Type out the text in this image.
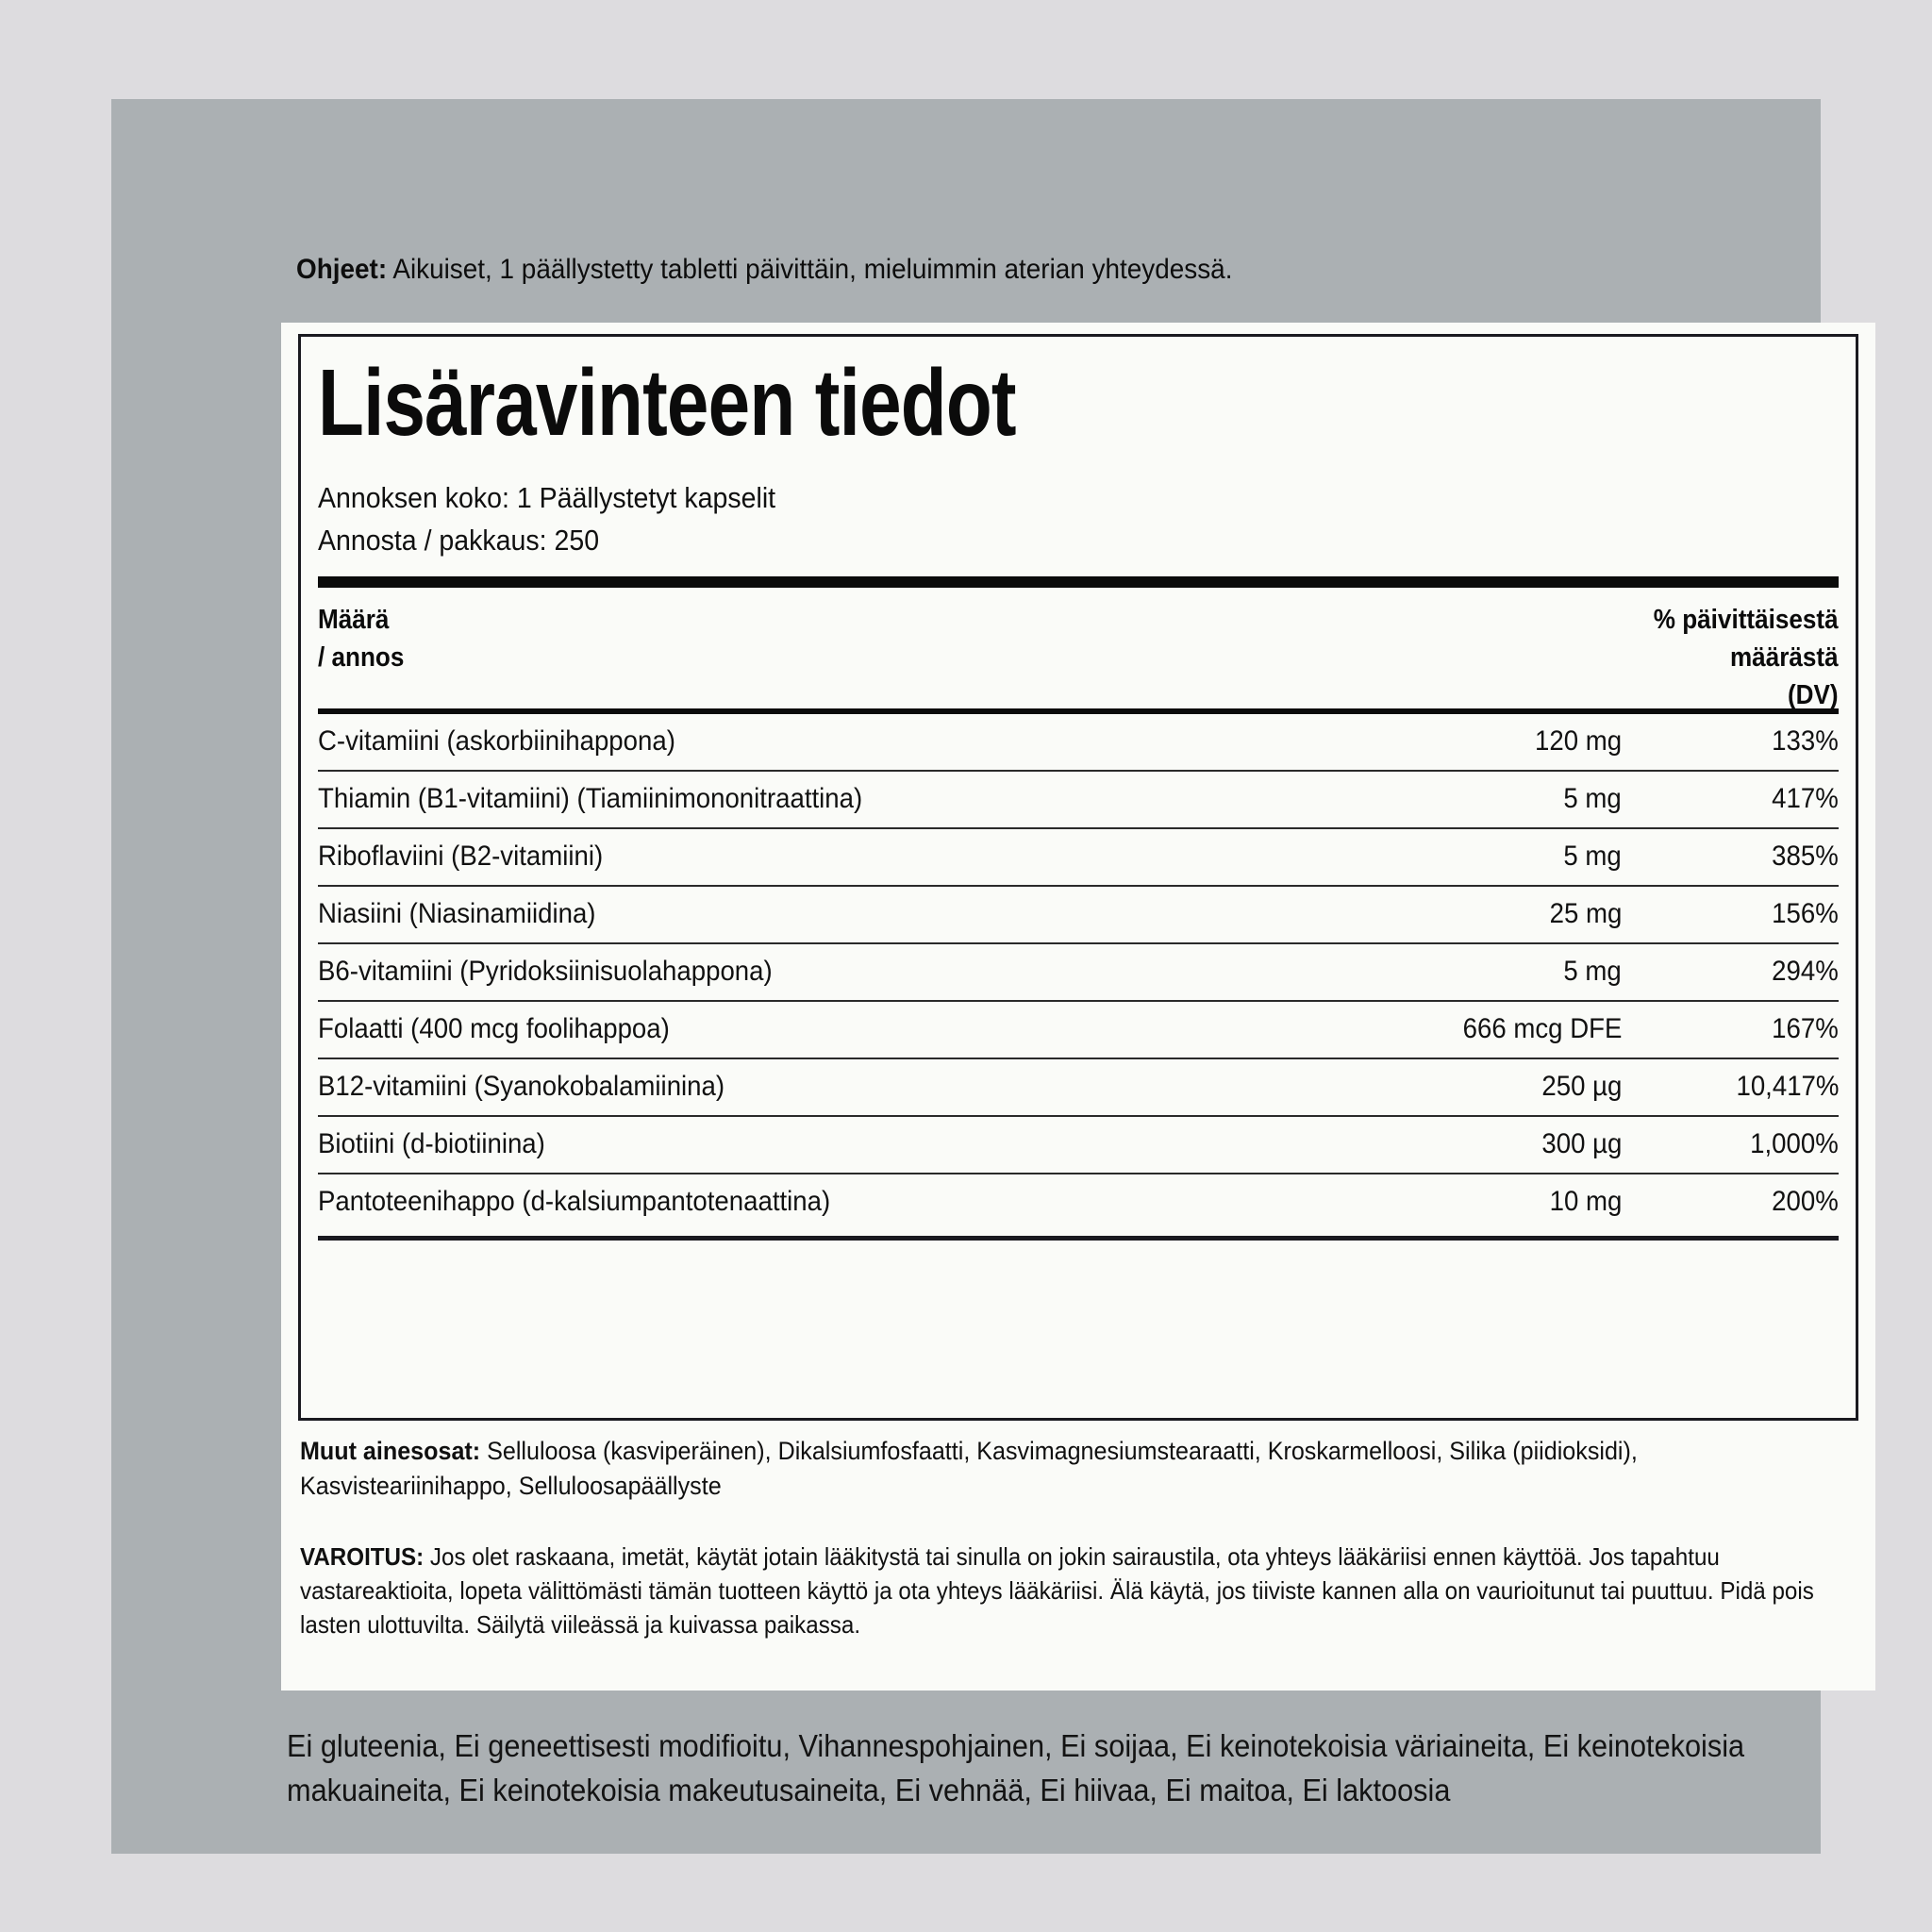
Ohjeet: Aikuiset, 1 päällystetty tabletti päivittäin, mieluimmin aterian yhteydessä.
Lisäravinteen tiedot
Annoksen koko: 1 Päällystetyt kapselit
Annosta / pakkaus: 250
Määrä
/ annos
% päivittäisestä
määrästä
(DV)
C-vitamiini (askorbiinihappona)	120 mg	133%
Thiamin (B1-vitamiini) (Tiamiinimononitraattina)	5 mg	417%
Riboflaviini (B2-vitamiini)	5 mg	385%
Niasiini (Niasinamiidina)	25 mg	156%
B6-vitamiini (Pyridoksiinisuolahappona)	5 mg	294%
Folaatti (400 mcg foolihappoa)	666 mcg DFE	167%
B12-vitamiini (Syanokobalamiinina)	250 µg	10,417%
Biotiini (d-biotiinina)	300 µg	1,000%
Pantoteenihappo (d-kalsiumpantotenaattina)	10 mg	200%
Muut ainesosat: Selluloosa (kasviperäinen), Dikalsiumfosfaatti, Kasvimagnesiumstearaatti, Kroskarmelloosi, Silika (piidioksidi), Kasvisteariinihappo, Selluloosapäällyste
VAROITUS: Jos olet raskaana, imetät, käytät jotain lääkitystä tai sinulla on jokin sairaustila, ota yhteys lääkäriisi ennen käyttöä. Jos tapahtuu vastareaktioita, lopeta välittömästi tämän tuotteen käyttö ja ota yhteys lääkäriisi. Älä käytä, jos tiiviste kannen alla on vaurioitunut tai puuttuu. Pidä pois lasten ulottuvilta. Säilytä viileässä ja kuivassa paikassa.
Ei gluteenia, Ei geneettisesti modifioitu, Vihannespohjainen, Ei soijaa, Ei keinotekoisia väriaineita, Ei keinotekoisia makuaineita, Ei keinotekoisia makeutusaineita, Ei vehnää, Ei hiivaa, Ei maitoa, Ei laktoosia
